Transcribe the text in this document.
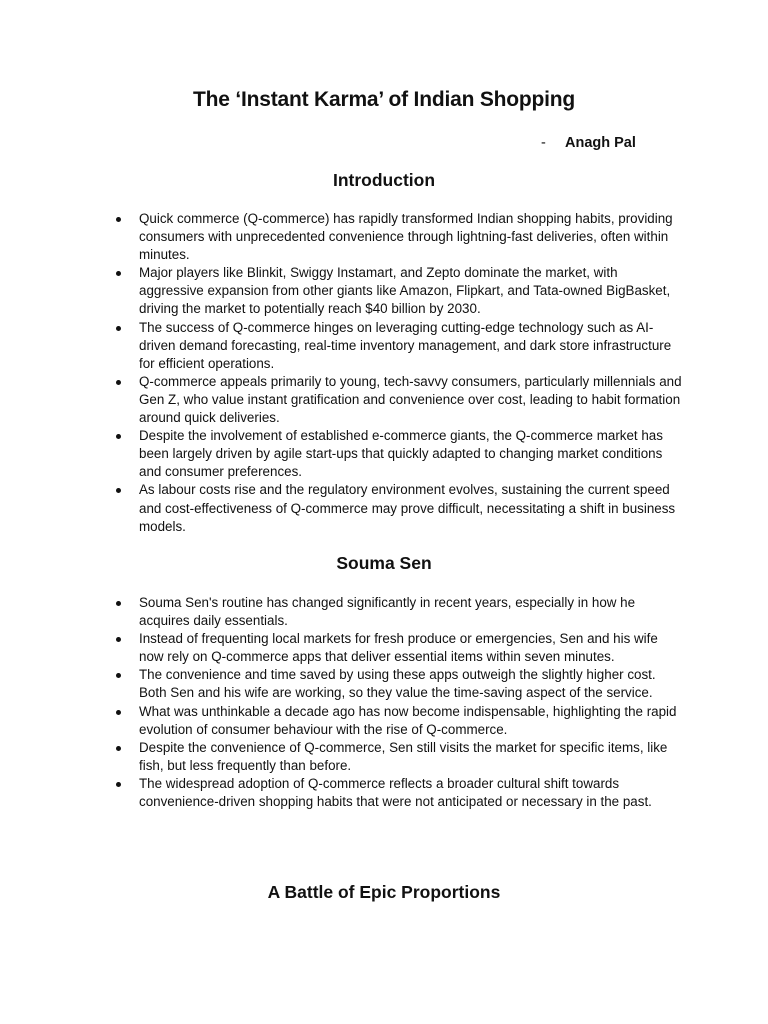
The ‘Instant Karma’ of Indian Shopping

- Anagh Pal

Introduction
Quick commerce (Q-commerce) has rapidly transformed Indian shopping habits, providing consumers with unprecedented convenience through lightning-fast deliveries, often within minutes.
Major players like Blinkit, Swiggy Instamart, and Zepto dominate the market, with aggressive expansion from other giants like Amazon, Flipkart, and Tata-owned BigBasket, driving the market to potentially reach $40 billion by 2030.
The success of Q-commerce hinges on leveraging cutting-edge technology such as AI-driven demand forecasting, real-time inventory management, and dark store infrastructure for efficient operations.
Q-commerce appeals primarily to young, tech-savvy consumers, particularly millennials and Gen Z, who value instant gratification and convenience over cost, leading to habit formation around quick deliveries.
Despite the involvement of established e-commerce giants, the Q-commerce market has been largely driven by agile start-ups that quickly adapted to changing market conditions and consumer preferences.
As labour costs rise and the regulatory environment evolves, sustaining the current speed and cost-effectiveness of Q-commerce may prove difficult, necessitating a shift in business models.
Souma Sen
Souma Sen's routine has changed significantly in recent years, especially in how he acquires daily essentials.
Instead of frequenting local markets for fresh produce or emergencies, Sen and his wife now rely on Q-commerce apps that deliver essential items within seven minutes.
The convenience and time saved by using these apps outweigh the slightly higher cost. Both Sen and his wife are working, so they value the time-saving aspect of the service.
What was unthinkable a decade ago has now become indispensable, highlighting the rapid evolution of consumer behaviour with the rise of Q-commerce.
Despite the convenience of Q-commerce, Sen still visits the market for specific items, like fish, but less frequently than before.
The widespread adoption of Q-commerce reflects a broader cultural shift towards convenience-driven shopping habits that were not anticipated or necessary in the past.
A Battle of Epic Proportions
